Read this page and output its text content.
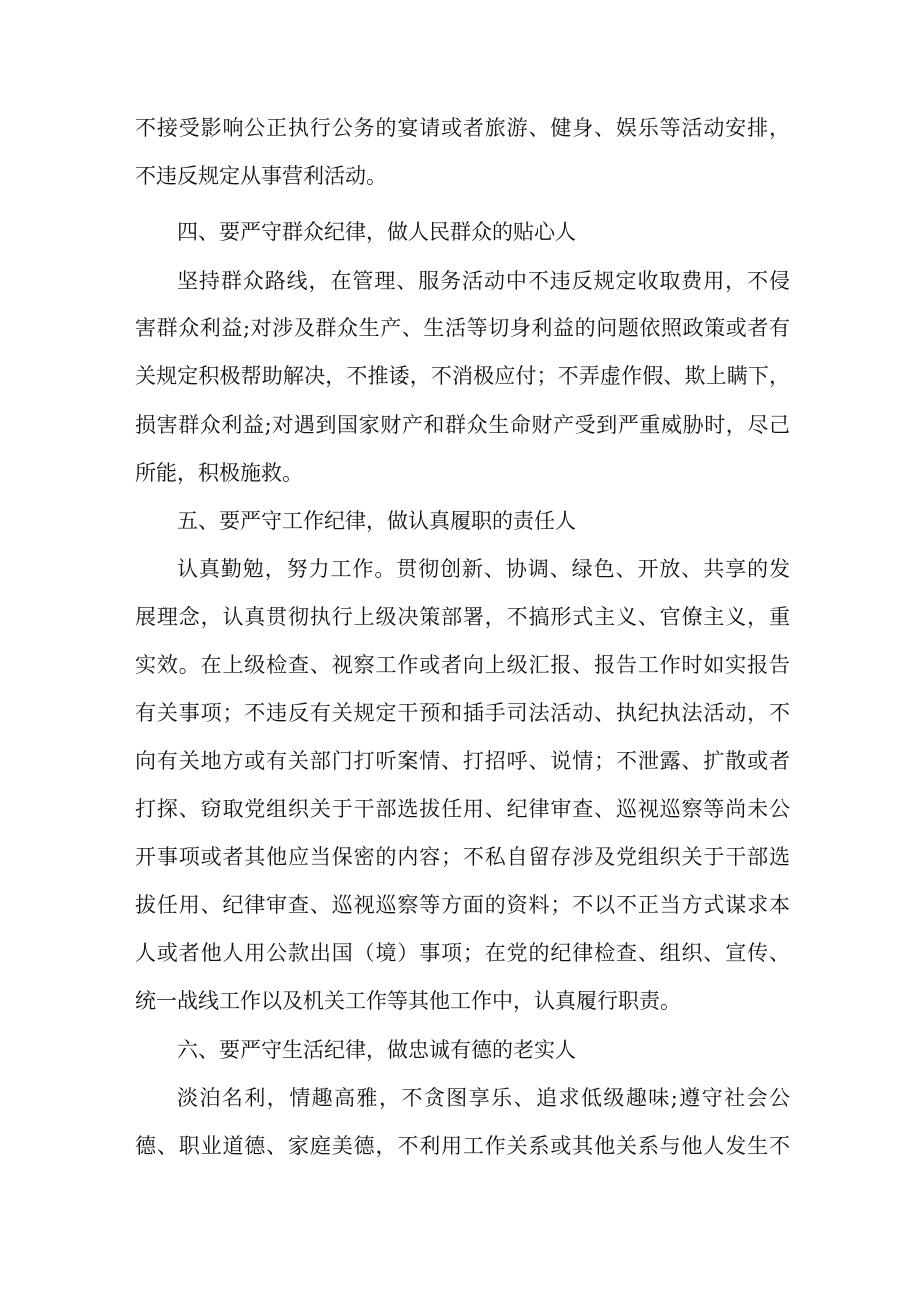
不接受影响公正执行公务的宴请或者旅游、健身、娱乐等活动安排，
不违反规定从事营利活动。
四、要严守群众纪律，做人民群众的贴心人
坚持群众路线，在管理、服务活动中不违反规定收取费用，不侵
害群众利益;对涉及群众生产、生活等切身利益的问题依照政策或者有
关规定积极帮助解决，不推诿，不消极应付；不弄虚作假、欺上瞒下，
损害群众利益;对遇到国家财产和群众生命财产受到严重威胁时，尽己
所能，积极施救。
五、要严守工作纪律，做认真履职的责任人
认真勤勉，努力工作。贯彻创新、协调、绿色、开放、共享的发
展理念，认真贯彻执行上级决策部署，不搞形式主义、官僚主义，重
实效。在上级检查、视察工作或者向上级汇报、报告工作时如实报告
有关事项；不违反有关规定干预和插手司法活动、执纪执法活动，不
向有关地方或有关部门打听案情、打招呼、说情；不泄露、扩散或者
打探、窃取党组织关于干部选拔任用、纪律审查、巡视巡察等尚未公
开事项或者其他应当保密的内容；不私自留存涉及党组织关于干部选
拔任用、纪律审查、巡视巡察等方面的资料；不以不正当方式谋求本
人或者他人用公款出国（境）事项；在党的纪律检查、组织、宣传、
统一战线工作以及机关工作等其他工作中，认真履行职责。
六、要严守生活纪律，做忠诚有德的老实人
淡泊名利，情趣高雅，不贪图享乐、追求低级趣味;遵守社会公
德、职业道德、家庭美德，不利用工作关系或其他关系与他人发生不
